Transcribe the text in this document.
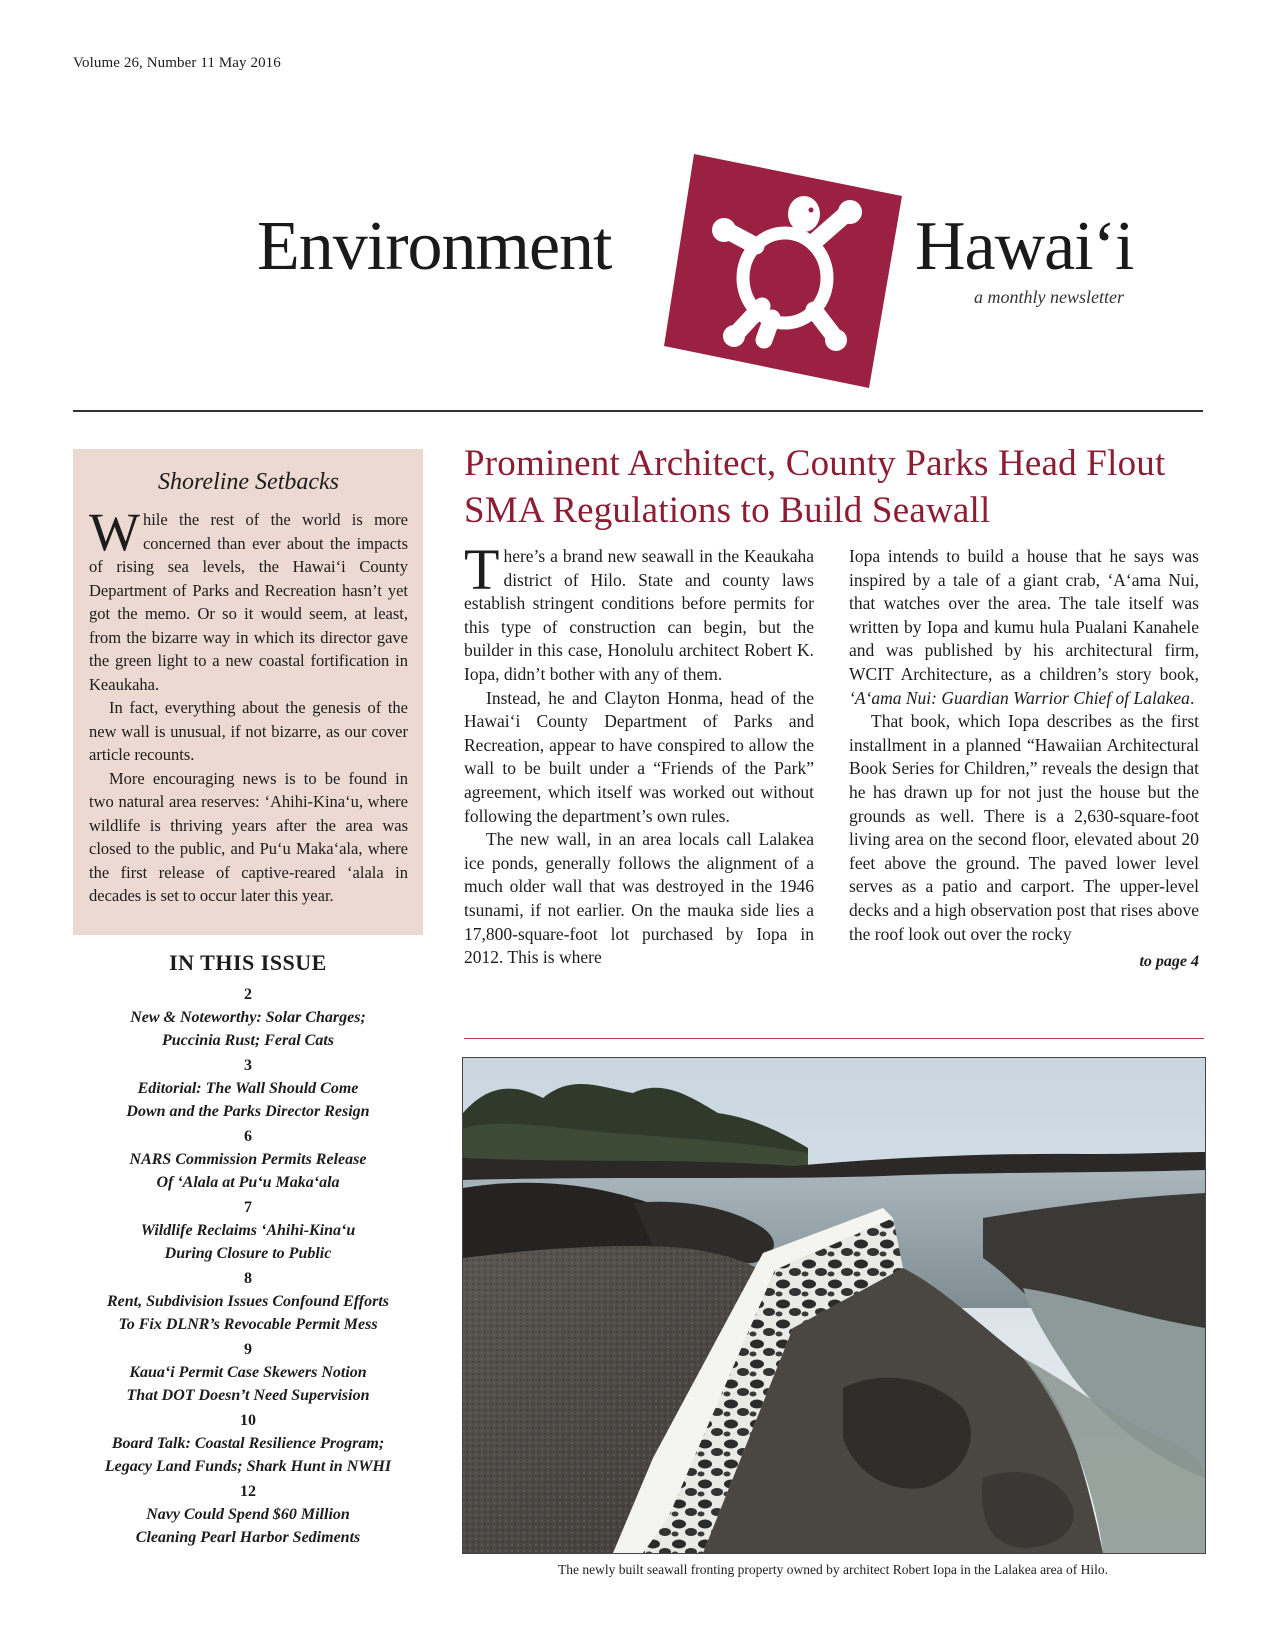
Volume 26, Number 11 May 2016
Environment	Hawai‘i
a monthly newsletter
Shoreline Setbacks

While the rest of the world is more concerned than ever about the impacts of rising sea levels, the Hawai‘i County Department of Parks and Recreation hasn’t yet got the memo. Or so it would seem, at least, from the bizarre way in which its director gave the green light to a new coastal fortification in Keaukaha.

In fact, everything about the genesis of the new wall is unusual, if not bizarre, as our cover article recounts.

More encouraging news is to be found in two natural area reserves: ‘Ahihi-Kina‘u, where wildlife is thriving years after the area was closed to the public, and Pu‘u Maka‘ala, where the first release of captive-reared ‘alala in decades is set to occur later this year.

IN THIS ISSUE
2
New & Noteworthy: Solar Charges;
Puccinia Rust; Feral Cats
3
Editorial: The Wall Should Come
Down and the Parks Director Resign
6
NARS Commission Permits Release
Of ‘Alala at Pu‘u Maka‘ala
7
Wildlife Reclaims ‘Ahihi-Kina‘u
During Closure to Public
8
Rent, Subdivision Issues Confound Efforts
To Fix DLNR’s Revocable Permit Mess
9
Kaua‘i Permit Case Skewers Notion
That DOT Doesn’t Need Supervision
10
Board Talk: Coastal Resilience Program;
Legacy Land Funds; Shark Hunt in NWHI
12
Navy Could Spend $60 Million
Cleaning Pearl Harbor Sediments
Prominent Architect, County Parks Head Flout SMA Regulations to Build Seawall

There’s a brand new seawall in the Keaukaha district of Hilo. State and county laws establish stringent conditions before permits for this type of construction can begin, but the builder in this case, Honolulu architect Robert K. Iopa, didn’t bother with any of them.

Instead, he and Clayton Honma, head of the Hawai‘i County Department of Parks and Recreation, appear to have conspired to allow the wall to be built under a “Friends of the Park” agreement, which itself was worked out without following the department’s own rules.

The new wall, in an area locals call Lalakea ice ponds, generally follows the alignment of a much older wall that was destroyed in the 1946 tsunami, if not earlier. On the mauka side lies a 17,800-square-foot lot purchased by Iopa in 2012. This is where

Iopa intends to build a house that he says was inspired by a tale of a giant crab, ‘A‘ama Nui, that watches over the area. The tale itself was written by Iopa and kumu hula Pualani Kanahele and was published by his architectural firm, WCIT Architecture, as a children’s story book, ‘A‘ama Nui: Guardian Warrior Chief of Lalakea.

That book, which Iopa describes as the first installment in a planned “Hawaiian Architectural Book Series for Children,” reveals the design that he has drawn up for not just the house but the grounds as well. There is a 2,630-square-foot living area on the second floor, elevated about 20 feet above the ground. The paved lower level serves as a patio and carport. The upper-level decks and a high observation post that rises above the roof look out over the rocky

to page 4
The newly built seawall fronting property owned by architect Robert Iopa in the Lalakea area of Hilo.
